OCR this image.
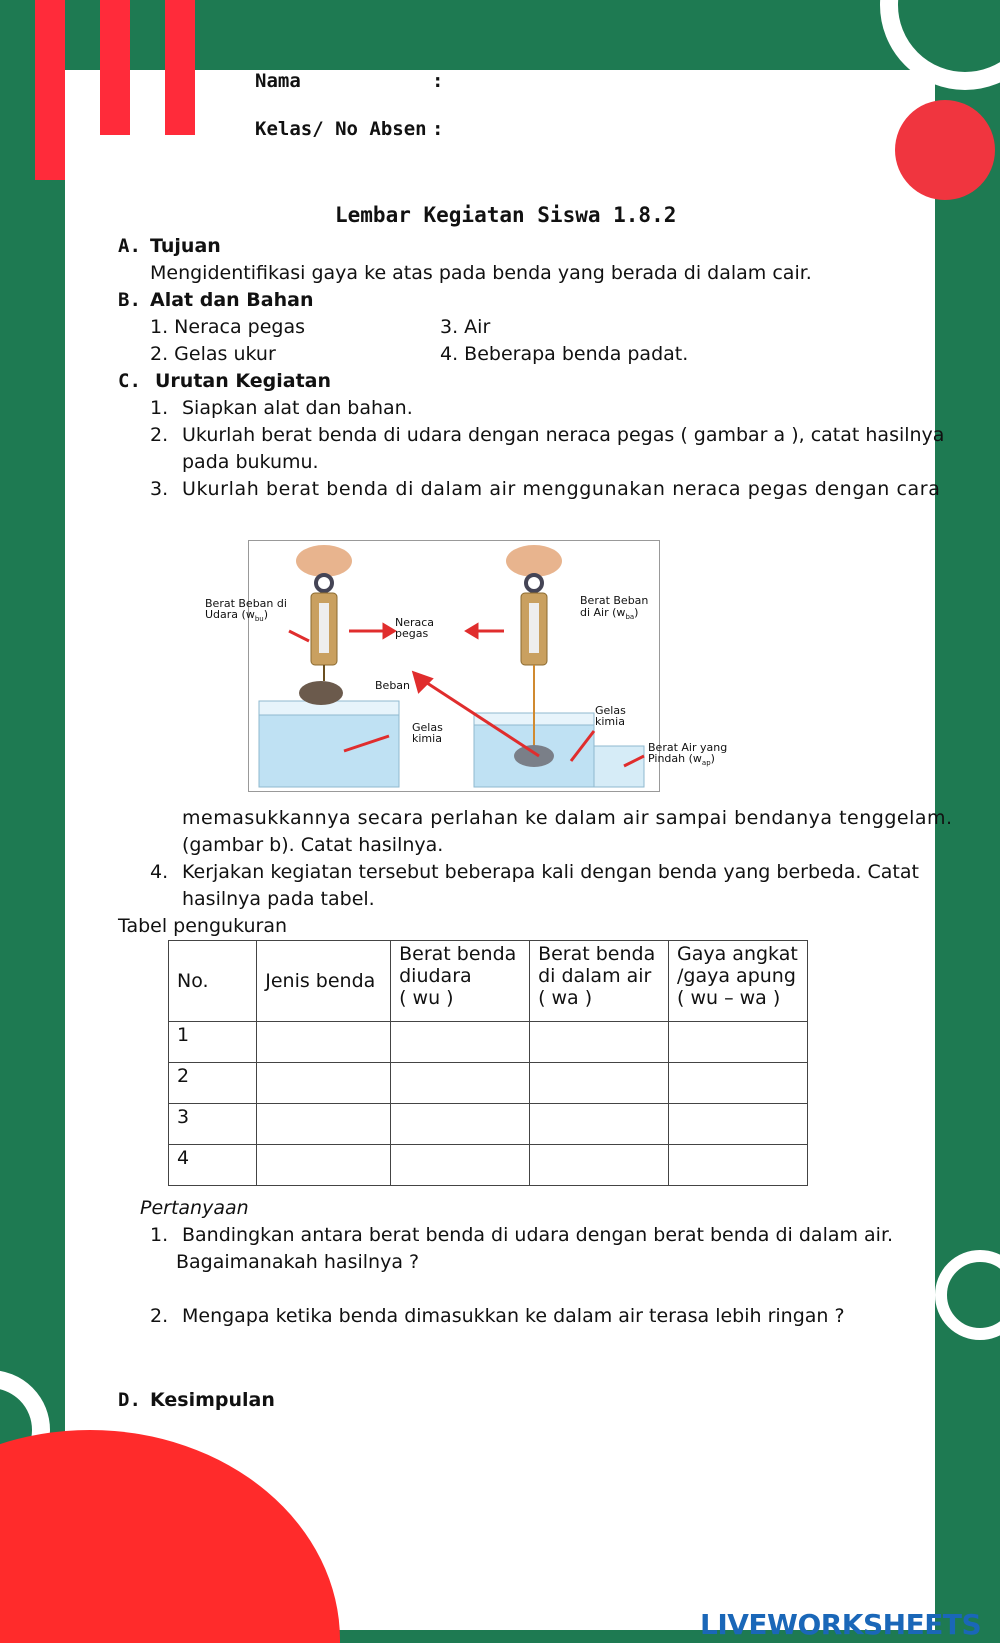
Nama	:
Kelas/ No Absen :
Lembar Kegiatan Siswa 1.8.2
A. Tujuan
Mengidentifikasi gaya ke atas pada benda yang berada di dalam cair.
B. Alat dan Bahan
1. Neraca pegas
2. Gelas ukur
3. Air
4. Beberapa benda padat.
C. Urutan Kegiatan
1. Siapkan alat dan bahan.
2. Ukurlah berat benda di udara dengan neraca pegas ( gambar a ), catat hasilnya
pada bukumu.
3. Ukurlah berat benda di dalam air menggunakan neraca pegas dengan cara
Berat Beban di
Udara $(w_{bu})$
Neraca
pegas
Berat Beban
di Air $(w_{ba})$
Beban
Gelas
kimia
Gelas
kimia
Berat Air yang
Pindah $(w_{ap})$
memasukkannya secara perlahan ke dalam air sampai bendanya tenggelam.
(gambar b). Catat hasilnya.
4. Kerjakan kegiatan tersebut beberapa kali dengan benda yang berbeda. Catat
hasilnya pada tabel.
Tabel pengukuran
No.	Jenis benda	Berat benda
diudara
( wu )	Berat benda
di dalam air
( wa )	Gaya angkat
/gaya apung
( wu – wa )
1				
2				
3				
4				
Pertanyaan
1. Bandingkan antara berat benda di udara dengan berat benda di dalam air.
Bagaimanakah hasilnya ?
2. Mengapa ketika benda dimasukkan ke dalam air terasa lebih ringan ?
D. Kesimpulan
LIVEWORKSHEETS
